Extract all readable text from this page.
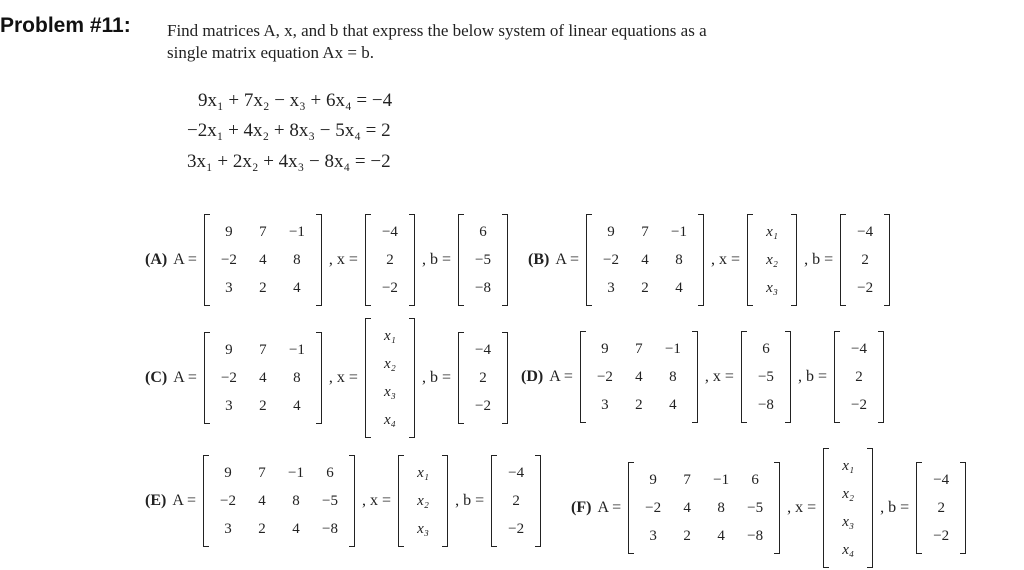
Problem #11: Find matrices A, x, and b that express the below system of linear equations as a
single matrix equation Ax = b.
9x₁ + 7x₂ − x₃ + 6x₄ = −4
−2x₁ + 4x₂ + 8x₃ − 5x₄ = 2
3x₁ + 2x₂ + 4x₃ − 8x₄ = −2
(A) A =
9	7	−1
−2	4	8
3	2	4
, x =
−4
2
−2
, b =
6
−5
−8
(B) A =
9	7	−1
−2	4	8
3	2	4
, x =
x₁
x₂
x₃
, b =
−4
2
−2
(C) A =
9	7	−1
−2	4	8
3	2	4
, x =
x₁
x₂
x₃
x₄
, b =
−4
2
−2
(D) A =
9	7	−1
−2	4	8
3	2	4
, x =
6
−5
−8
, b =
−4
2
−2
(E) A =
9	7	−1	6
−2	4	8	−5
3	2	4	−8
, x =
x₁
x₂
x₃
, b =
−4
2
−2
(F) A =
9	7	−1	6
−2	4	8	−5
3	2	4	−8
, x =
x₁
x₂
x₃
x₄
, b =
−4
2
−2
